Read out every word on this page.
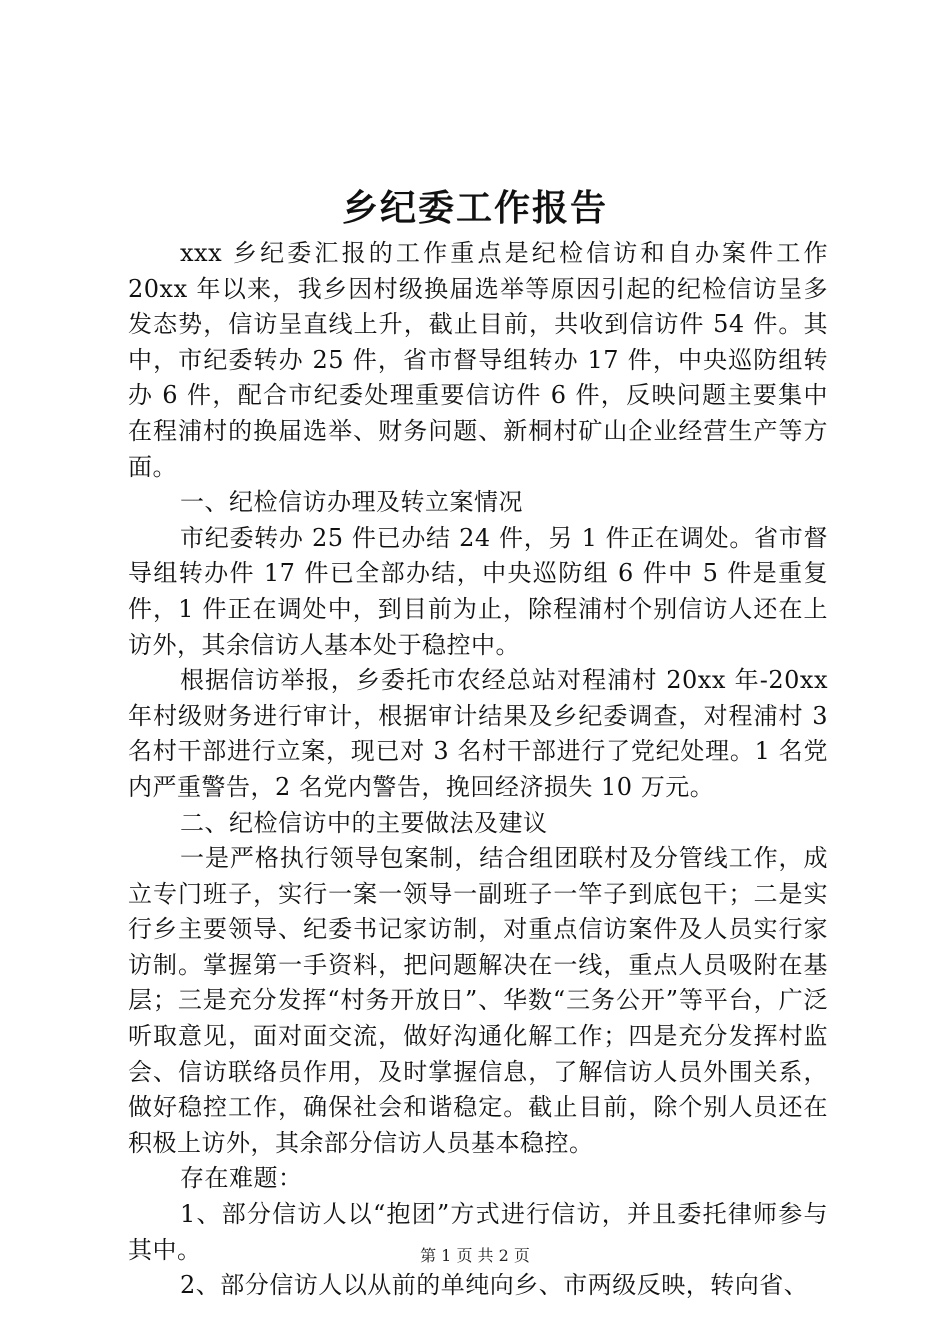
乡纪委工作报告

xxx 乡纪委汇报的工作重点是纪检信访和自办案件工作 20xx 年以来，我乡因村级换届选举等原因引起的纪检信访呈多发态势，信访呈直线上升，截止目前，共收到信访件 54 件。其中，市纪委转办 25 件，省市督导组转办 17 件，中央巡防组转办 6 件，配合市纪委处理重要信访件 6 件，反映问题主要集中在程浦村的换届选举、财务问题、新桐村矿山企业经营生产等方面。

一、纪检信访办理及转立案情况

市纪委转办 25 件已办结 24 件，另 1 件正在调处。省市督导组转办件 17 件已全部办结，中央巡防组 6 件中 5 件是重复件，1 件正在调处中，到目前为止，除程浦村个别信访人还在上访外，其余信访人基本处于稳控中。

根据信访举报，乡委托市农经总站对程浦村 20xx 年-20xx 年村级财务进行审计，根据审计结果及乡纪委调查，对程浦村 3 名村干部进行立案，现已对 3 名村干部进行了党纪处理。1 名党内严重警告，2 名党内警告，挽回经济损失 10 万元。

二、纪检信访中的主要做法及建议

一是严格执行领导包案制，结合组团联村及分管线工作，成立专门班子，实行一案一领导一副班子一竿子到底包干；二是实行乡主要领导、纪委书记家访制，对重点信访案件及人员实行家访制。掌握第一手资料，把问题解决在一线，重点人员吸附在基层；三是充分发挥“村务开放日”、华数“三务公开”等平台，广泛听取意见，面对面交流，做好沟通化解工作；四是充分发挥村监会、信访联络员作用，及时掌握信息，了解信访人员外围关系，做好稳控工作，确保社会和谐稳定。截止目前，除个别人员还在积极上访外，其余部分信访人员基本稳控。

存在难题：

1、部分信访人以“抱团”方式进行信访，并且委托律师参与其中。

2、部分信访人以从前的单纯向乡、市两级反映，转向省、

第 1 页 共 2 页
